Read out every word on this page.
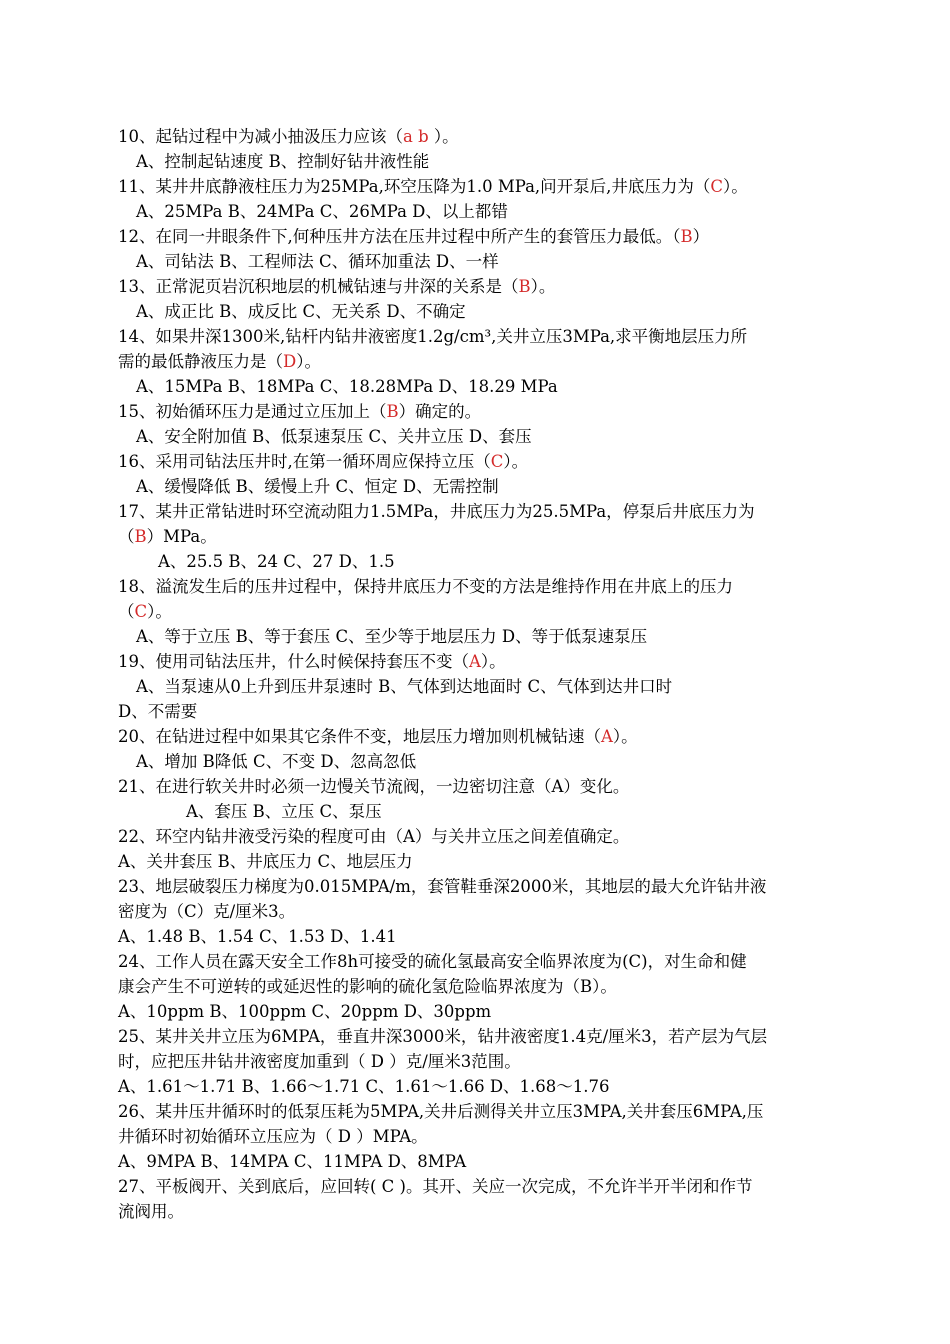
10、起钻过程中为减小抽汲压力应该（a b ）。
A、控制起钻速度 B、控制好钻井液性能
11、某井井底静液柱压力为25MPa,环空压降为1.0 MPa,问开泵后,井底压力为（C）。
A、25MPa B、24MPa C、26MPa D、以上都错
12、在同一井眼条件下,何种压井方法在压井过程中所产生的套管压力最低。（B）
A、司钻法 B、工程师法 C、循环加重法 D、一样
13、正常泥页岩沉积地层的机械钻速与井深的关系是（B）。
A、成正比 B、成反比 C、无关系 D、不确定
14、如果井深1300米,钻杆内钻井液密度1.2g/cm³,关井立压3MPa,求平衡地层压力所
需的最低静液压力是（D）。
A、15MPa B、18MPa C、18.28MPa D、18.29 MPa
15、初始循环压力是通过立压加上（B）确定的。
A、安全附加值 B、低泵速泵压 C、关井立压 D、套压
16、采用司钻法压井时,在第一循环周应保持立压（C）。
A、缓慢降低 B、缓慢上升 C、恒定 D、无需控制
17、某井正常钻进时环空流动阻力1.5MPa，井底压力为25.5MPa，停泵后井底压力为
（B）MPa。
A、25.5 B、24 C、27 D、1.5
18、溢流发生后的压井过程中，保持井底压力不变的方法是维持作用在井底上的压力
（C）。
A、等于立压 B、等于套压 C、至少等于地层压力 D、等于低泵速泵压
19、使用司钻法压井，什么时候保持套压不变（A）。
A、当泵速从0上升到压井泵速时 B、气体到达地面时 C、气体到达井口时
D、不需要
20、在钻进过程中如果其它条件不变，地层压力增加则机械钻速（A）。
A、增加 B降低 C、不变 D、忽高忽低
21、在进行软关井时必须一边慢关节流阀，一边密切注意（A）变化。
A、套压 B、立压 C、泵压
22、环空内钻井液受污染的程度可由（A）与关井立压之间差值确定。
A、关井套压 B、井底压力 C、地层压力
23、地层破裂压力梯度为0.015MPA/m，套管鞋垂深2000米，其地层的最大允许钻井液
密度为（C）克/厘米3。
A、1.48 B、1.54 C、1.53 D、1.41
24、工作人员在露天安全工作8h可接受的硫化氢最高安全临界浓度为(C)，对生命和健
康会产生不可逆转的或延迟性的影响的硫化氢危险临界浓度为（B）。
A、10ppm B、100ppm C、20ppm D、30ppm
25、某井关井立压为6MPA，垂直井深3000米，钻井液密度1.4克/厘米3，若产层为气层
时，应把压井钻井液密度加重到（ D ）克/厘米3范围。
A、1.61～1.71 B、1.66～1.71 C、1.61～1.66 D、1.68～1.76
26、某井压井循环时的低泵压耗为5MPA,关井后测得关井立压3MPA,关井套压6MPA,压
井循环时初始循环立压应为（ D ）MPA。
A、9MPA B、14MPA C、11MPA D、8MPA
27、平板阀开、关到底后，应回转( C )。其开、关应一次完成，不允许半开半闭和作节
流阀用。
